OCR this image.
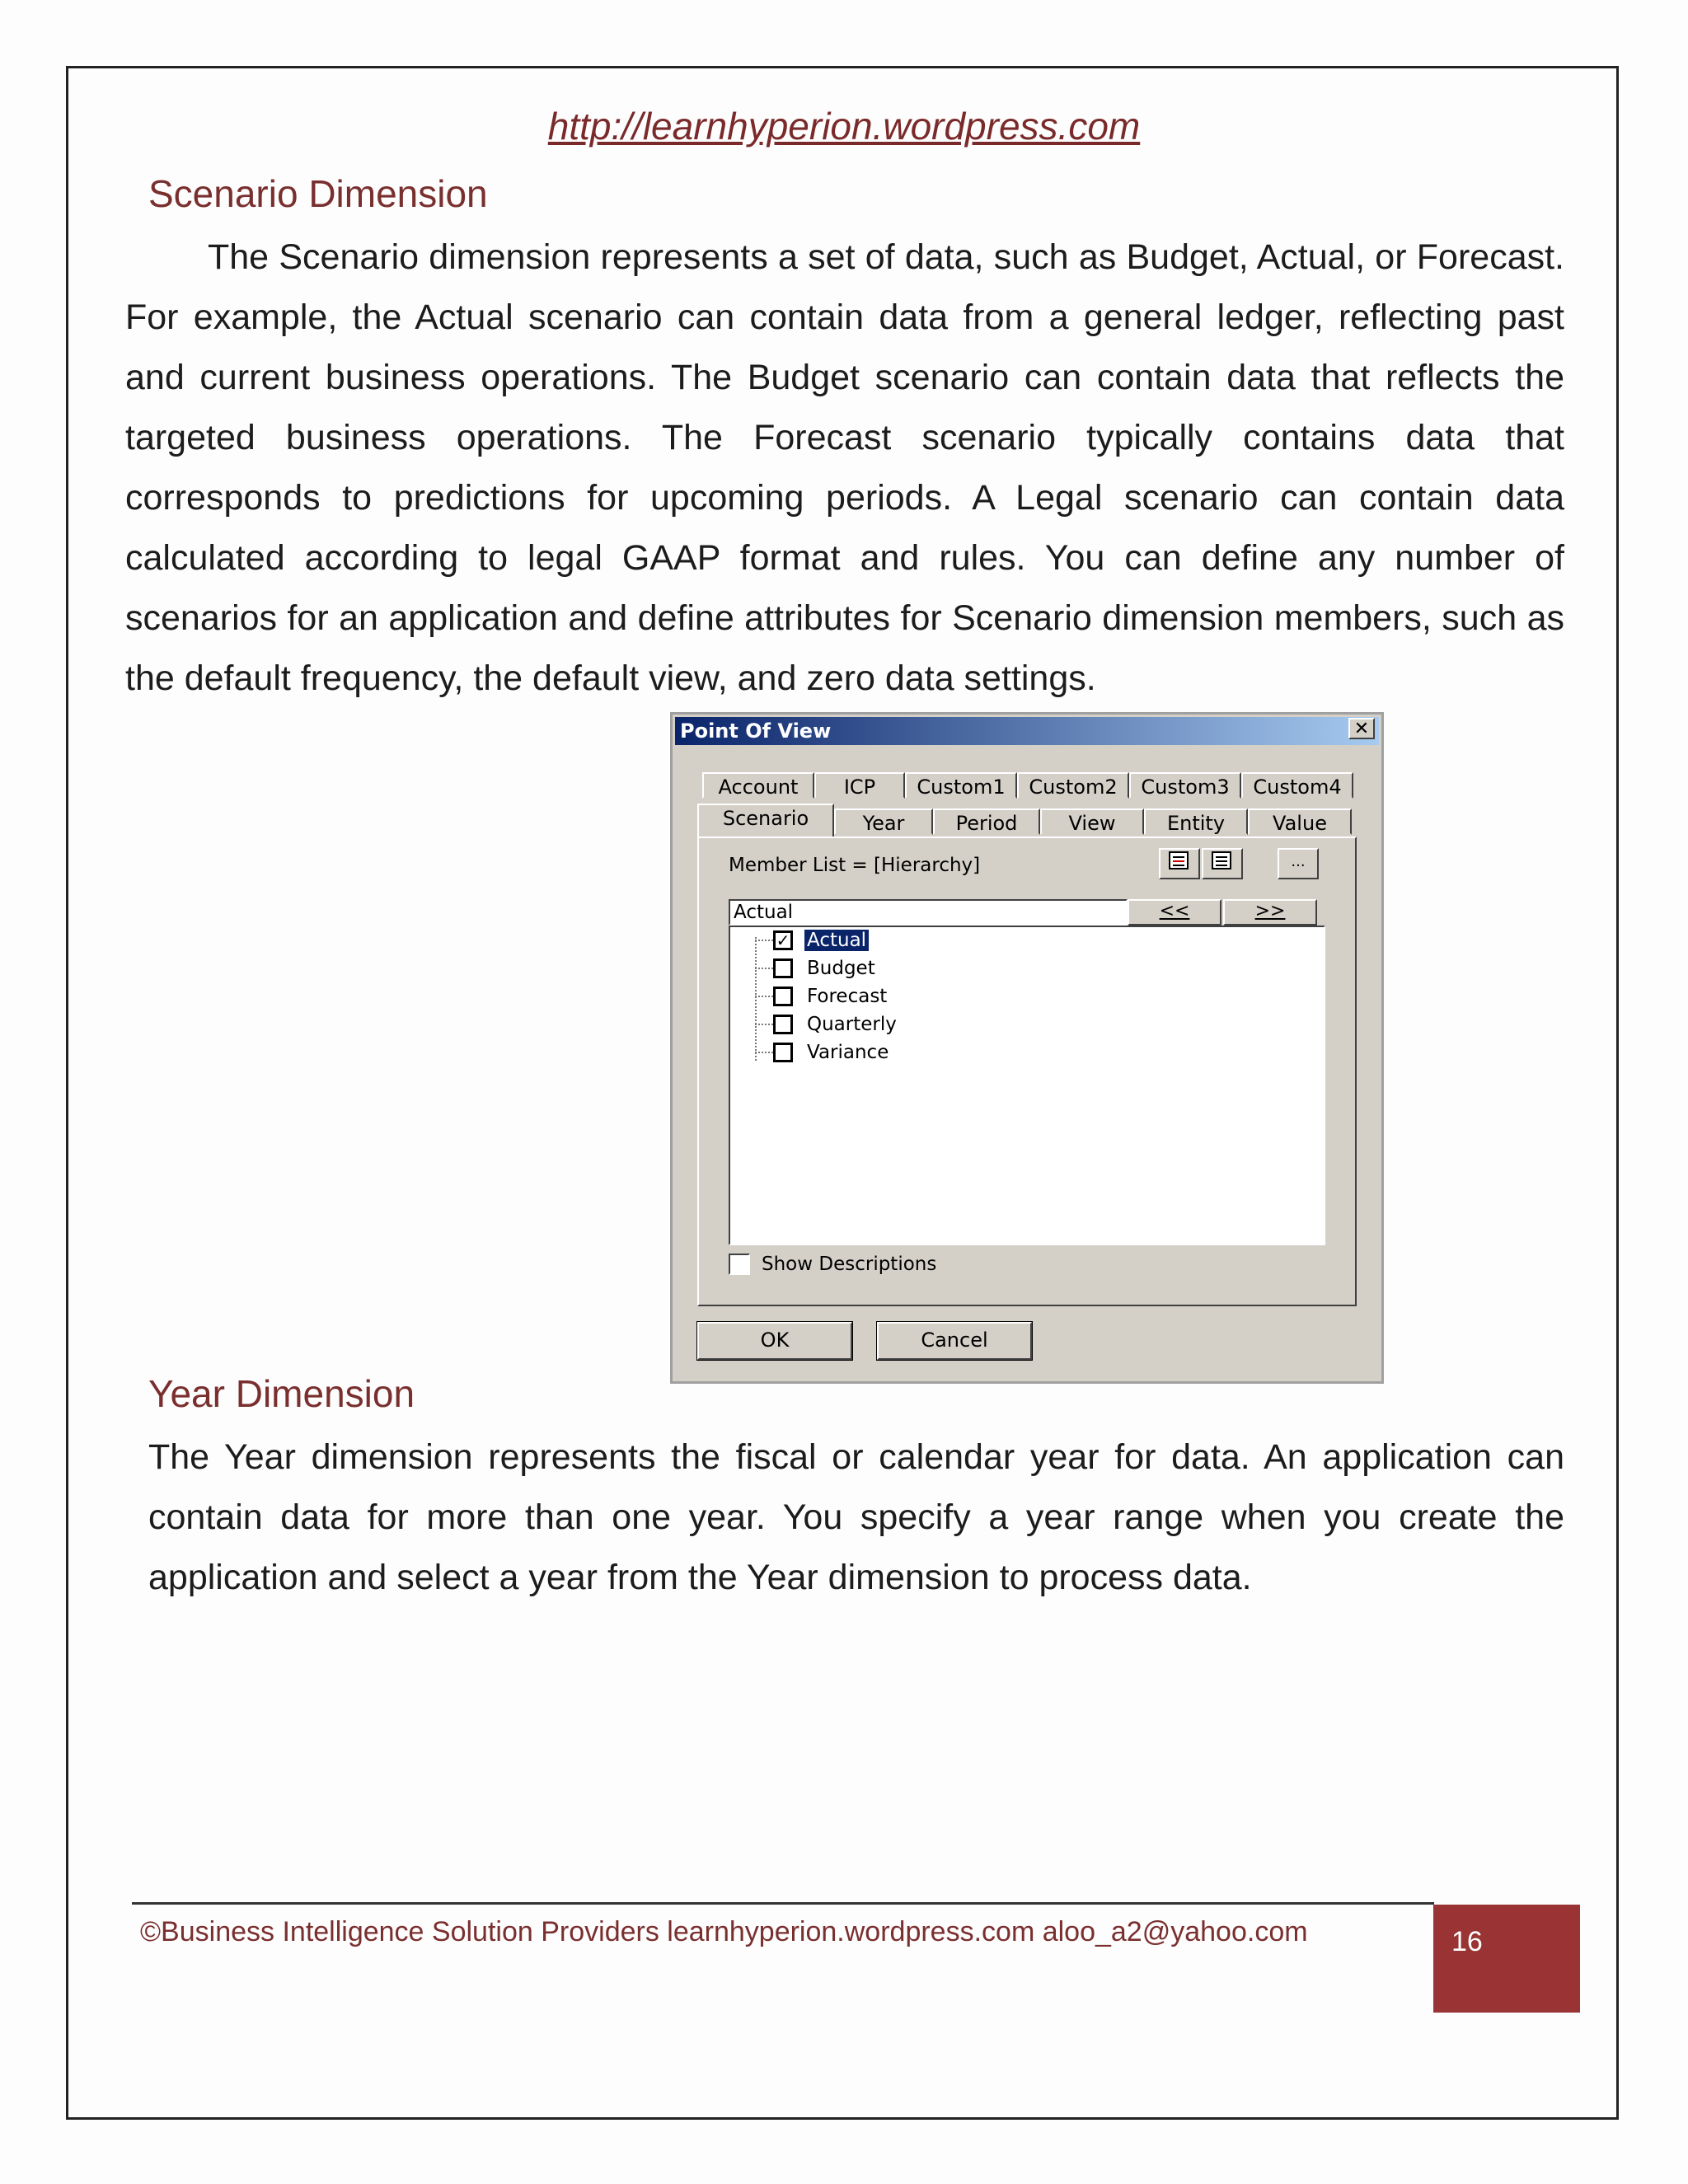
http://learnhyperion.wordpress.com
Scenario Dimension
The Scenario dimension represents a set of data, such as Budget, Actual, or Forecast. For example, the Actual scenario can contain data from a general ledger, reflecting past and current business operations. The Budget scenario can contain data that reflects the targeted business operations. The Forecast scenario typically contains data that corresponds to predictions for upcoming periods. A Legal scenario can contain data calculated according to legal GAAP format and rules. You can define any number of scenarios for an application and define attributes for Scenario dimension members, such as the default frequency, the default view, and zero data settings.
Point Of View	✕
Account	ICP	Custom1	Custom2	Custom3	Custom4
Scenario	Year	Period	View	Entity	Value
Member List = [Hierarchy]	...
Actual	<<	>>
✓ Actual
Budget
Forecast
Quarterly
Variance
Show Descriptions
OK	Cancel
Year Dimension
The Year dimension represents the fiscal or calendar year for data. An application can contain data for more than one year. You specify a year range when you create the application and select a year from the Year dimension to process data.
©Business Intelligence Solution Providers learnhyperion.wordpress.com aloo_a2@yahoo.com	16
